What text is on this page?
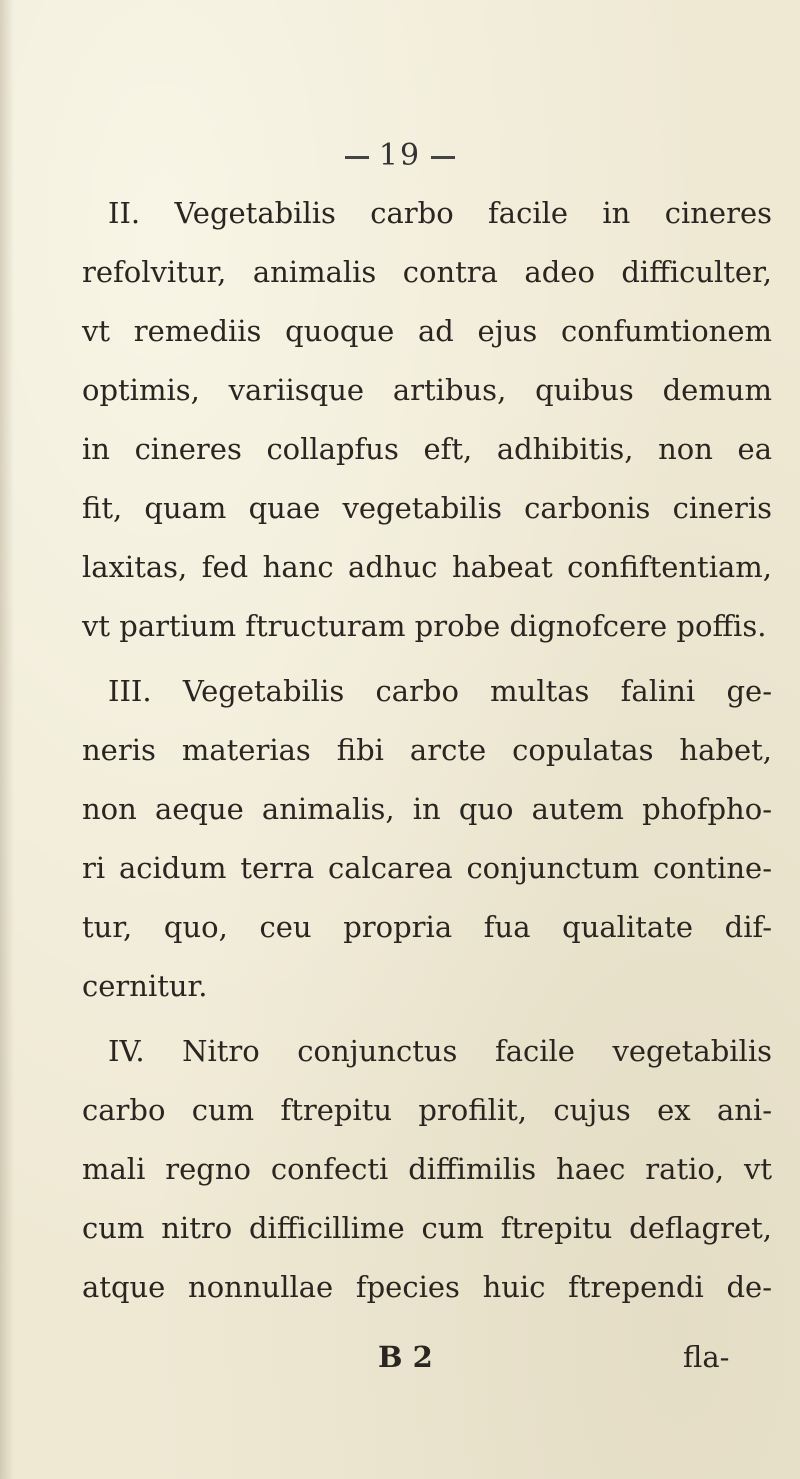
19
II. Vegetabilis carbo facile in cineres
refolvitur, animalis contra adeo difficulter,
vt remediis quoque ad ejus confumtionem
optimis, variisque artibus, quibus demum
in cineres collapfus eft, adhibitis, non ea
fit, quam quae vegetabilis carbonis cineris
laxitas, fed hanc adhuc habeat confiftentiam,
vt partium ftructuram probe dignofcere poffis.
III. Vegetabilis carbo multas falini ge-
neris materias fibi arcte copulatas habet,
non aeque animalis, in quo autem phofpho-
ri acidum terra calcarea conjunctum contine-
tur, quo, ceu propria fua qualitate dif-
cernitur.
IV. Nitro conjunctus facile vegetabilis
carbo cum ftrepitu profilit, cujus ex ani-
mali regno confecti diffimilis haec ratio, vt
cum nitro difficillime cum ftrepitu deflagret,
atque nonnullae fpecies huic ftrependi de-
B 2	fla-
